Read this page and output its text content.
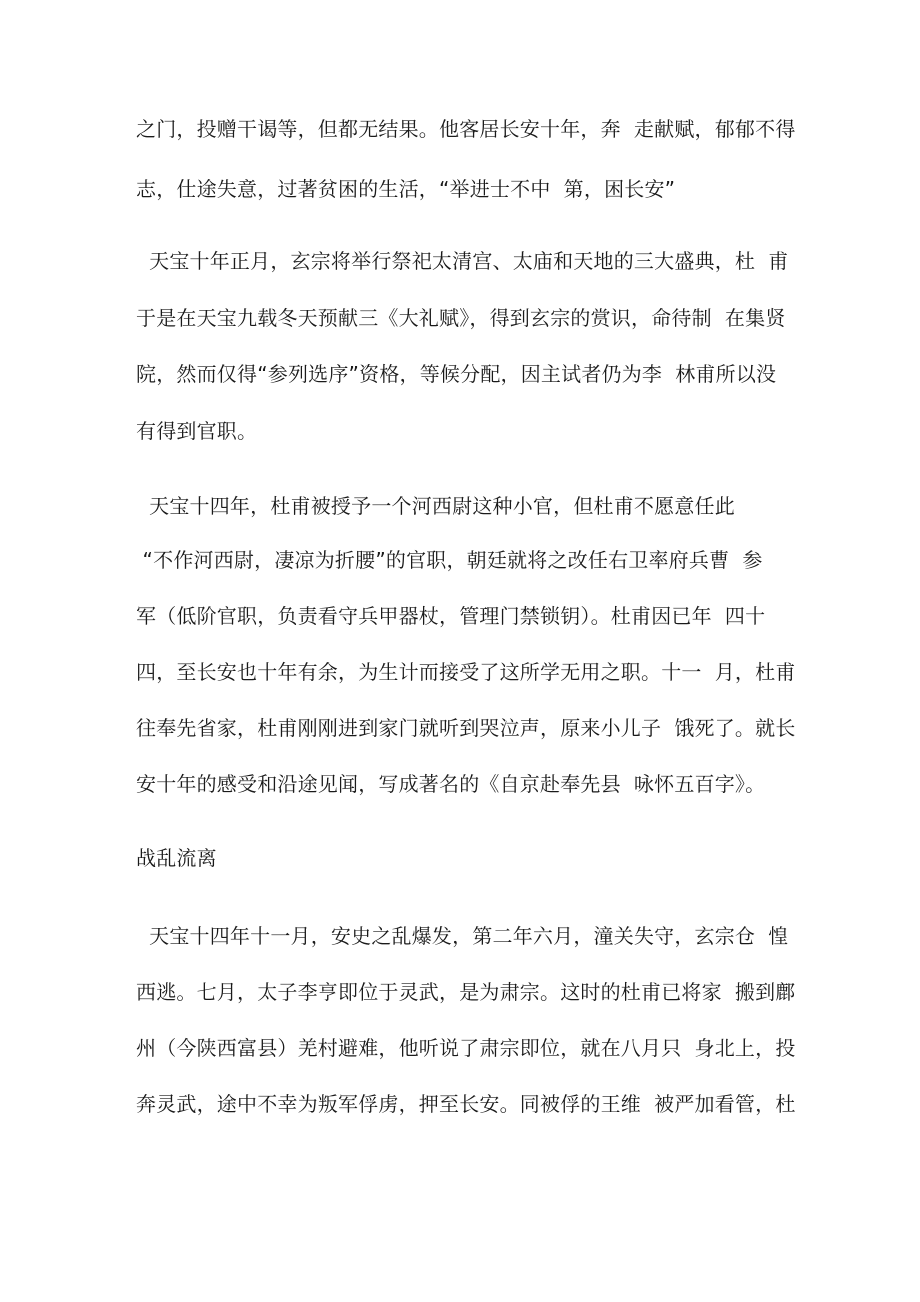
之门，投赠干谒等，但都无结果。他客居长安十年，奔  走献赋，郁郁不得
志，仕途失意，过著贫困的生活，“举进士不中  第，困长安”
天宝十年正月，玄宗将举行祭祀太清宫、太庙和天地的三大盛典，杜  甫
于是在天宝九载冬天预献三《大礼赋》，得到玄宗的赏识，命待制  在集贤
院，然而仅得“参列选序”资格，等候分配，因主试者仍为李  林甫所以没
有得到官职。
天宝十四年，杜甫被授予一个河西尉这种小官，但杜甫不愿意任此
“不作河西尉，凄凉为折腰”的官职，朝廷就将之改任右卫率府兵曹  参
军（低阶官职，负责看守兵甲器杖，管理门禁锁钥）。杜甫因已年  四十
四，至长安也十年有余，为生计而接受了这所学无用之职。十一  月，杜甫
往奉先省家，杜甫刚刚进到家门就听到哭泣声，原来小儿子  饿死了。就长
安十年的感受和沿途见闻，写成著名的《自京赴奉先县  咏怀五百字》。
战乱流离
天宝十四年十一月，安史之乱爆发，第二年六月，潼关失守，玄宗仓  惶
西逃。七月，太子李亨即位于灵武，是为肃宗。这时的杜甫已将家  搬到鄜
州（今陕西富县）羌村避难，他听说了肃宗即位，就在八月只  身北上，投
奔灵武，途中不幸为叛军俘虏，押至长安。同被俘的王维  被严加看管，杜
